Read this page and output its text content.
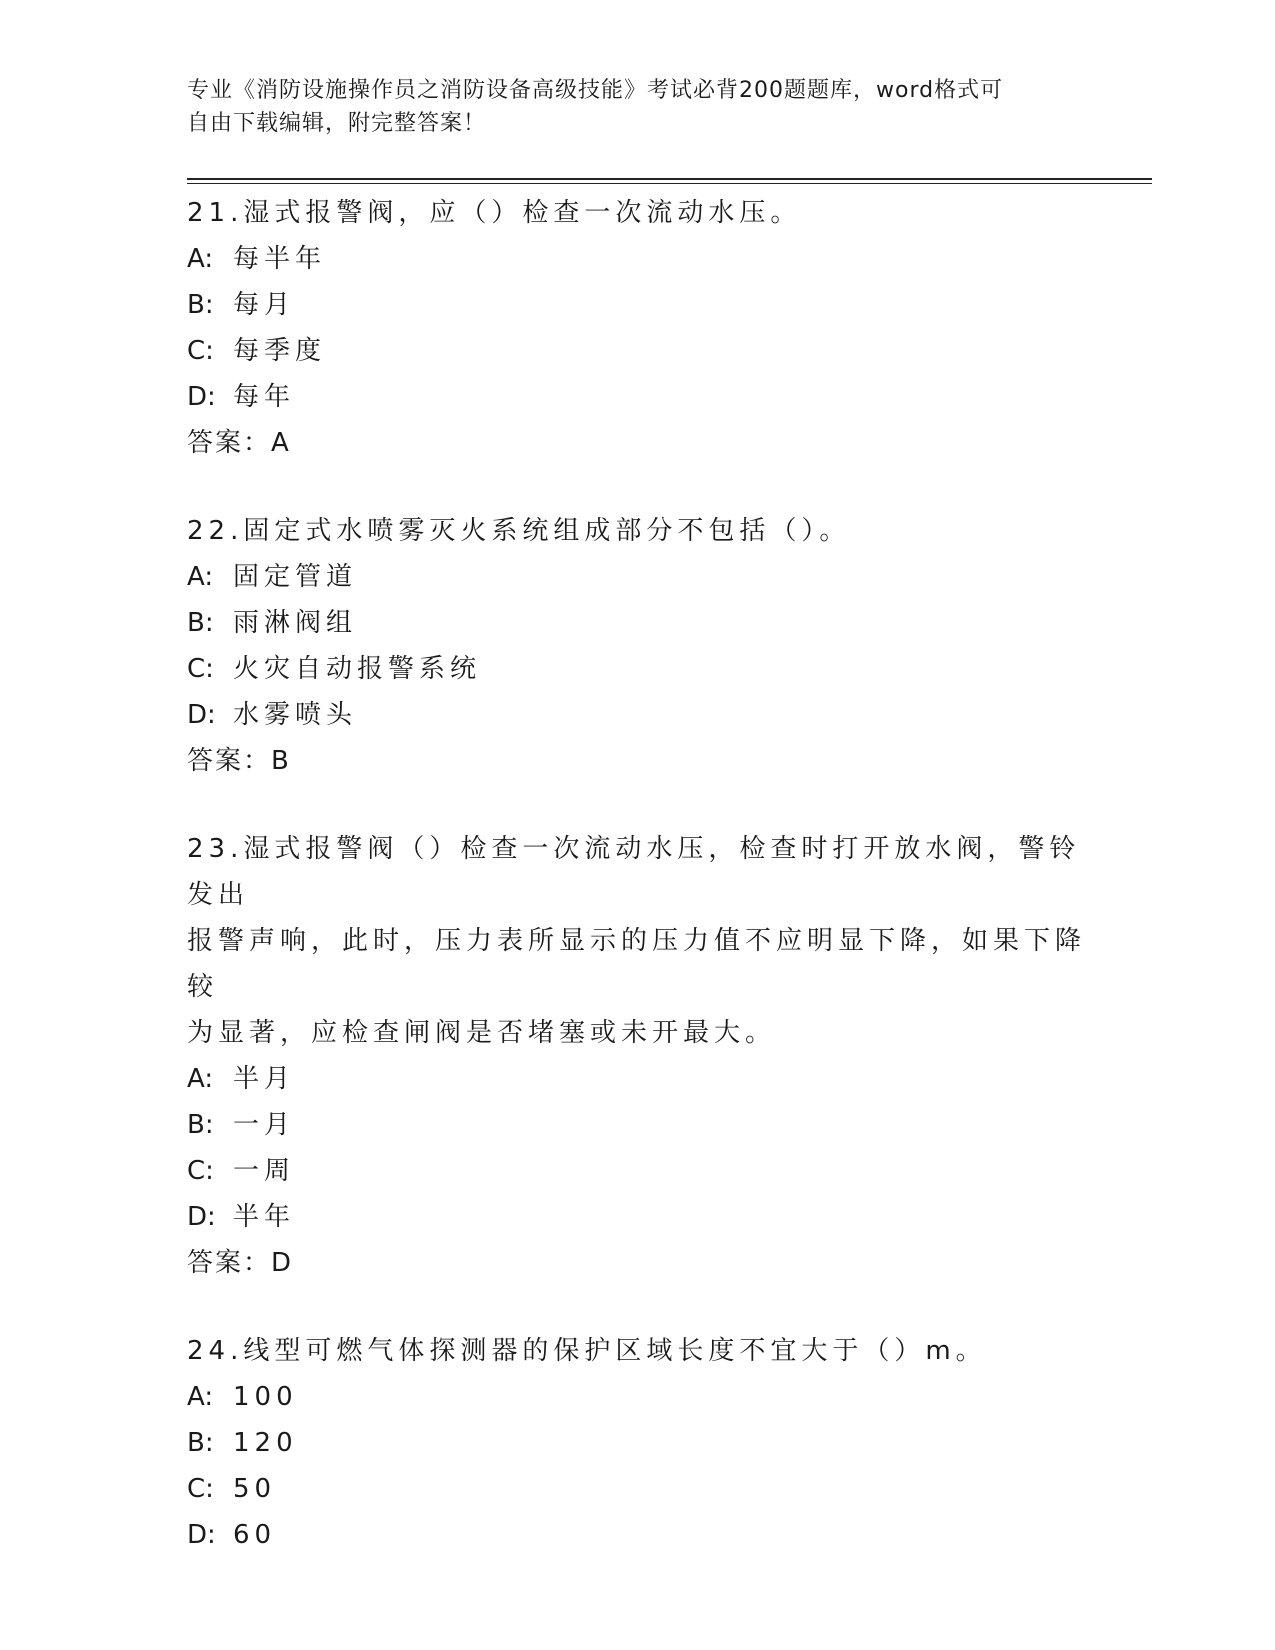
专业《消防设施操作员之消防设备高级技能》考试必背200题题库，word格式可
自由下载编辑，附完整答案！
21.湿式报警阀，应（）检查一次流动水压。
A: 每半年
B: 每月
C: 每季度
D: 每年
答案：A
22.固定式水喷雾灭火系统组成部分不包括（）。
A: 固定管道
B: 雨淋阀组
C: 火灾自动报警系统
D: 水雾喷头
答案：B
23.湿式报警阀（）检查一次流动水压，检查时打开放水阀，警铃发出
报警声响，此时，压力表所显示的压力值不应明显下降，如果下降较
为显著，应检查闸阀是否堵塞或未开最大。
A: 半月
B: 一月
C: 一周
D: 半年
答案：D
24.线型可燃气体探测器的保护区域长度不宜大于（）m。
A: 100
B: 120
C: 50
D: 60
